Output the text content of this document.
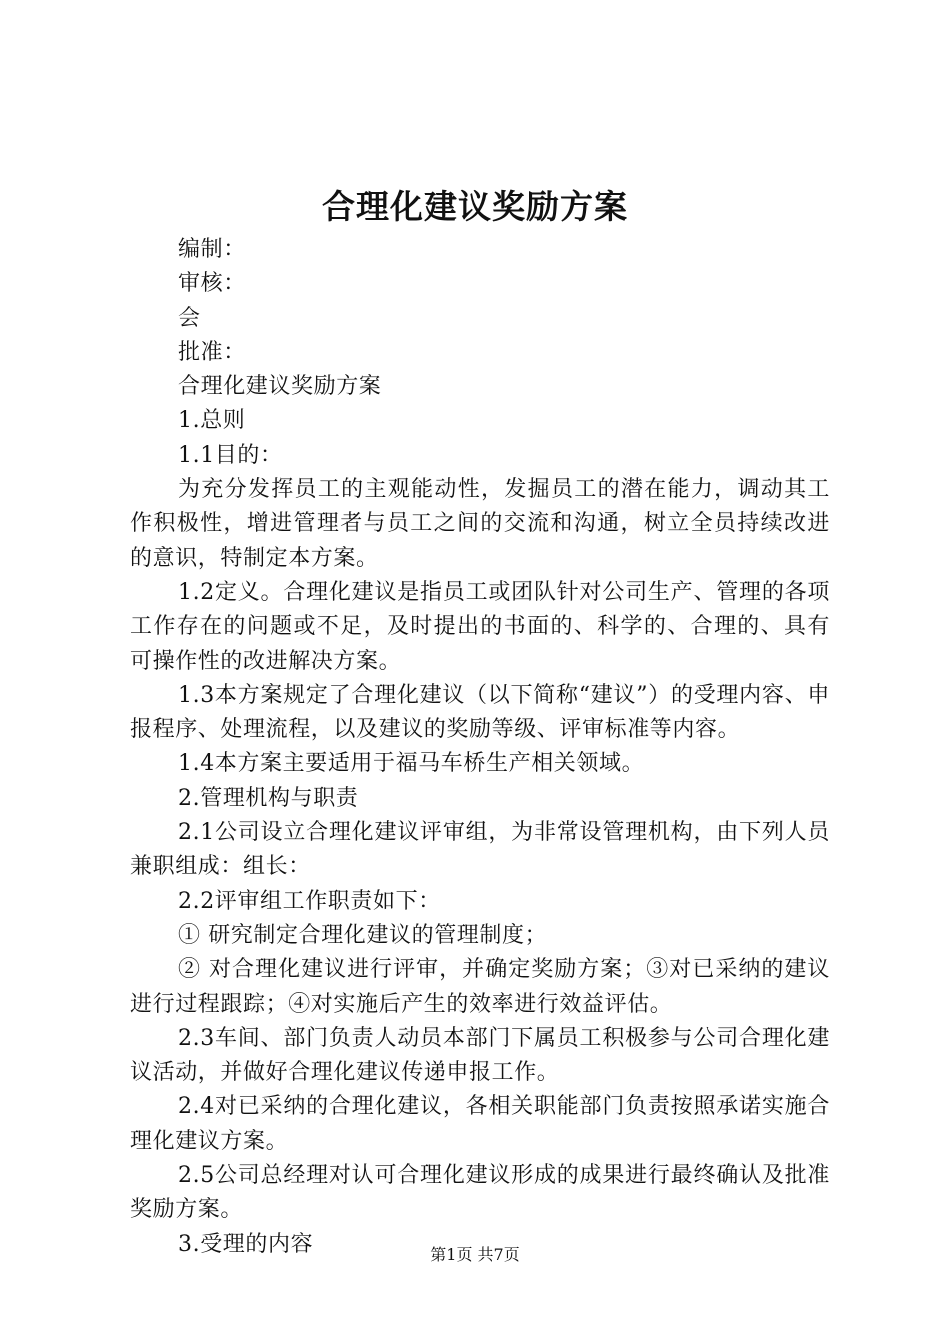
合理化建议奖励方案

编制：

审核：

会

批准：

合理化建议奖励方案

1.总则

1.1目的：

为充分发挥员工的主观能动性，发掘员工的潜在能力，调动其工作积极性，增进管理者与员工之间的交流和沟通，树立全员持续改进的意识，特制定本方案。

1.2定义。合理化建议是指员工或团队针对公司生产、管理的各项工作存在的问题或不足，及时提出的书面的、科学的、合理的、具有可操作性的改进解决方案。

1.3本方案规定了合理化建议（以下简称“建议”）的受理内容、申报程序、处理流程，以及建议的奖励等级、评审标准等内容。

1.4本方案主要适用于福马车桥生产相关领域。

2.管理机构与职责

2.1公司设立合理化建议评审组，为非常设管理机构，由下列人员兼职组成：组长：

2.2评审组工作职责如下：

① 研究制定合理化建议的管理制度；

② 对合理化建议进行评审，并确定奖励方案；③对已采纳的建议进行过程跟踪；④对实施后产生的效率进行效益评估。

2.3车间、部门负责人动员本部门下属员工积极参与公司合理化建议活动，并做好合理化建议传递申报工作。

2.4对已采纳的合理化建议，各相关职能部门负责按照承诺实施合理化建议方案。

2.5公司总经理对认可合理化建议形成的成果进行最终确认及批准奖励方案。

3.受理的内容	第1页 共7页
